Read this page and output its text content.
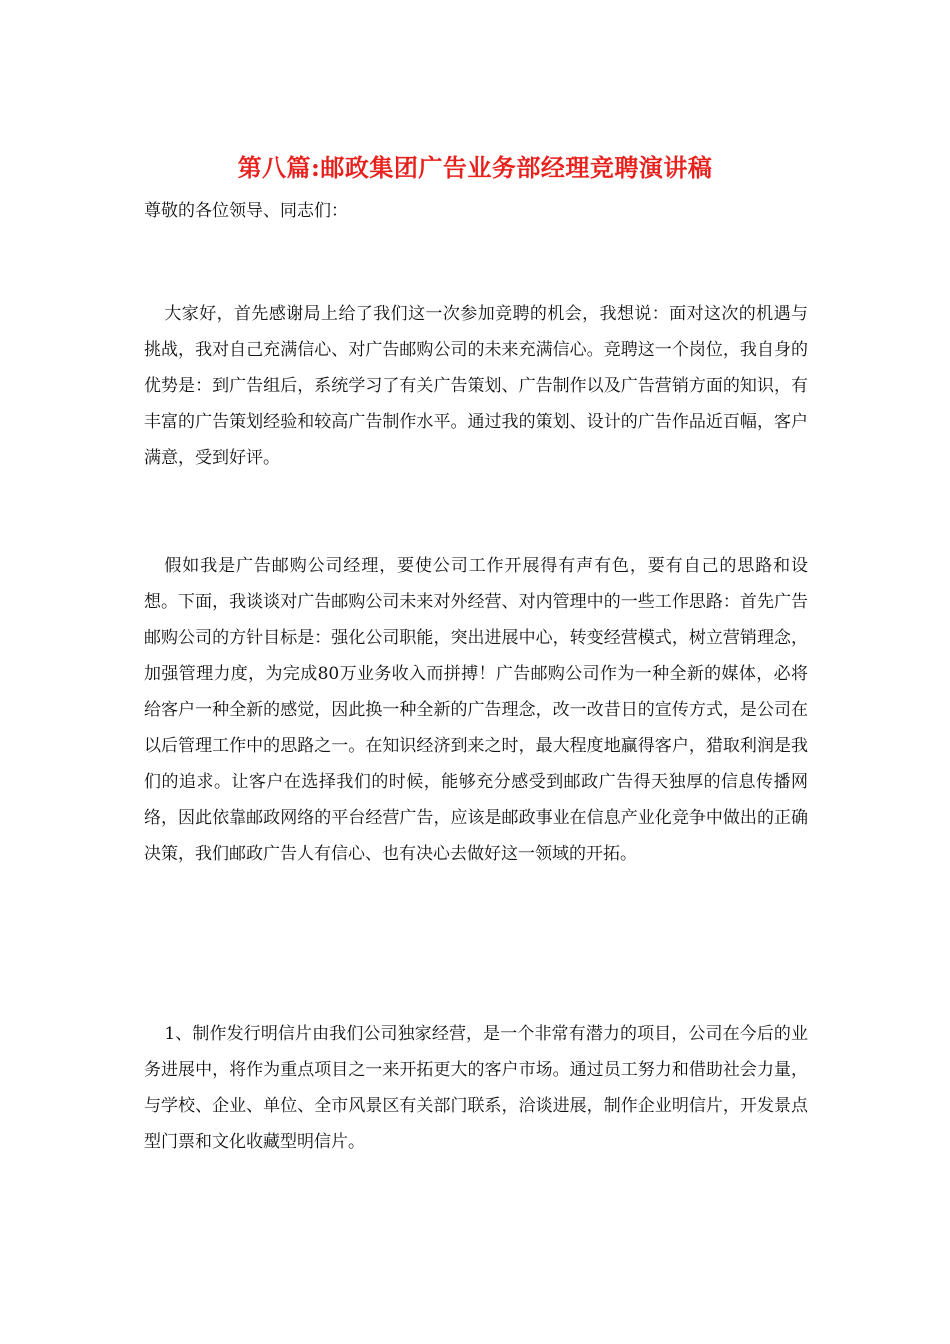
第八篇:邮政集团广告业务部经理竞聘演讲稿
尊敬的各位领导、同志们：

大家好，首先感谢局上给了我们这一次参加竞聘的机会，我想说：面对这次的机遇与挑战，我对自己充满信心、对广告邮购公司的未来充满信心。竞聘这一个岗位，我自身的优势是：到广告组后，系统学习了有关广告策划、广告制作以及广告营销方面的知识，有丰富的广告策划经验和较高广告制作水平。通过我的策划、设计的广告作品近百幅，客户满意，受到好评。

假如我是广告邮购公司经理，要使公司工作开展得有声有色，要有自己的思路和设想。下面，我谈谈对广告邮购公司未来对外经营、对内管理中的一些工作思路：首先广告邮购公司的方针目标是：强化公司职能，突出进展中心，转变经营模式，树立营销理念，加强管理力度，为完成80万业务收入而拼搏！广告邮购公司作为一种全新的媒体，必将给客户一种全新的感觉，因此换一种全新的广告理念，改一改昔日的宣传方式，是公司在以后管理工作中的思路之一。在知识经济到来之时，最大程度地赢得客户，猎取利润是我们的追求。让客户在选择我们的时候，能够充分感受到邮政广告得天独厚的信息传播网络，因此依靠邮政网络的平台经营广告，应该是邮政事业在信息产业化竞争中做出的正确决策，我们邮政广告人有信心、也有决心去做好这一领域的开拓。

1、制作发行明信片由我们公司独家经营，是一个非常有潜力的项目，公司在今后的业务进展中，将作为重点项目之一来开拓更大的客户市场。通过员工努力和借助社会力量，与学校、企业、单位、全市风景区有关部门联系，洽谈进展，制作企业明信片，开发景点型门票和文化收藏型明信片。
